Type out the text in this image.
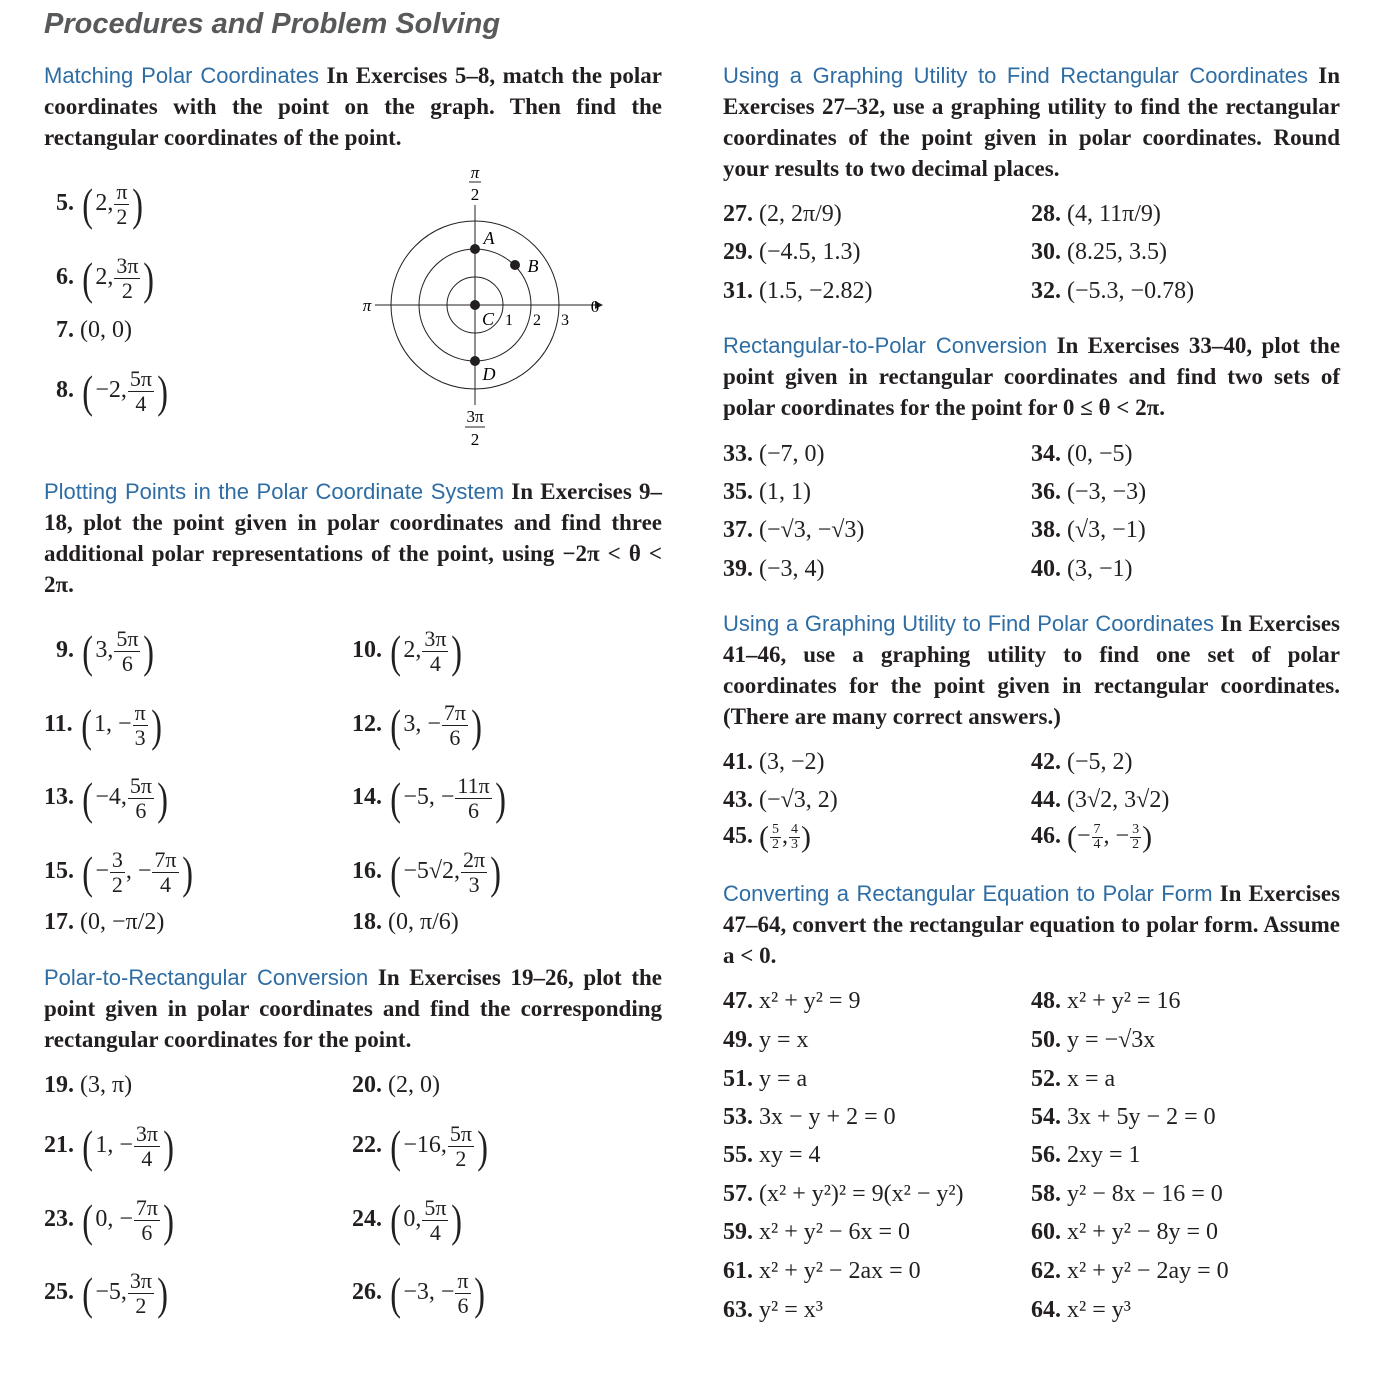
Procedures and Problem Solving
Matching Polar Coordinates In Exercises 5–8, match the polar coordinates with the point on the graph. Then find the rectangular coordinates of the point.
5. (2, $\frac{\pi}{2}$ )
6. (2, $\frac{3\pi}{2}$ )
7. (0, 0)
8. (−2, $\frac{5\pi}{4}$ )
π
2
3π
2
π	0
1 2 3
A
B
C
D
Plotting Points in the Polar Coordinate System In Exercises 9–18, plot the point given in polar coordinates and find three additional polar representations of the point, using −2π < θ < 2π.
9. (3, $\frac{5\pi}{6}$ )	10. (2, $\frac{3\pi}{4}$ )
11. (1, − $\frac{\pi}{3}$ )	12. (3, − $\frac{7\pi}{6}$ )
13. (−4, $\frac{5\pi}{6}$ )	14. (−5, − $\frac{11\pi}{6}$ )
15. (− $\frac{3}{2}$ , − $\frac{7\pi}{4}$ )	16. (−5√2, $\frac{2\pi}{3}$ )
17. (0, −π/2)	18. (0, π/6)
Polar-to-Rectangular Conversion In Exercises 19–26, plot the point given in polar coordinates and find the corresponding rectangular coordinates for the point.
19. (3, π)	20. (2, 0)
21. (1, − $\frac{3\pi}{4}$ )	22. (−16, $\frac{5\pi}{2}$ )
23. (0, − $\frac{7\pi}{6}$ )	24. (0, $\frac{5\pi}{4}$ )
25. (−5, $\frac{3\pi}{2}$ )	26. (−3, − $\frac{\pi}{6}$ )
Using a Graphing Utility to Find Rectangular Coordinates In Exercises 27–32, use a graphing utility to find the rectangular coordinates of the point given in polar coordinates. Round your results to two decimal places.
27. (2, 2π/9)	28. (4, 11π/9)
29. (−4.5, 1.3)	30. (8.25, 3.5)
31. (1.5, −2.82)	32. (−5.3, −0.78)
Rectangular-to-Polar Conversion In Exercises 33–40, plot the point given in rectangular coordinates and find two sets of polar coordinates for the point for 0 ≤ θ < 2π.
33. (−7, 0)	34. (0, −5)
35. (1, 1)	36. (−3, −3)
37. (−√3, −√3)	38. (√3, −1)
39. (−3, 4)	40. (3, −1)
Using a Graphing Utility to Find Polar Coordinates In Exercises 41–46, use a graphing utility to find one set of polar coordinates for the point given in rectangular coordinates. (There are many correct answers.)
41. (3, −2)	42. (−5, 2)
43. (−√3, 2)	44. (3√2, 3√2)
45. ( $\frac{5}{2}$ , $\frac{4}{3}$ )	46. (− $\frac{7}{4}$ , − $\frac{3}{2}$ )
Converting a Rectangular Equation to Polar Form In Exercises 47–64, convert the rectangular equation to polar form. Assume a < 0.
47. x² + y² = 9	48. x² + y² = 16
49. y = x	50. y = −√3x
51. y = a	52. x = a
53. 3x − y + 2 = 0	54. 3x + 5y − 2 = 0
55. xy = 4	56. 2xy = 1
57. (x² + y²)² = 9(x² − y²)	58. y² − 8x − 16 = 0
59. x² + y² − 6x = 0	60. x² + y² − 8y = 0
61. x² + y² − 2ax = 0	62. x² + y² − 2ay = 0
63. y² = x³	64. x² = y³
